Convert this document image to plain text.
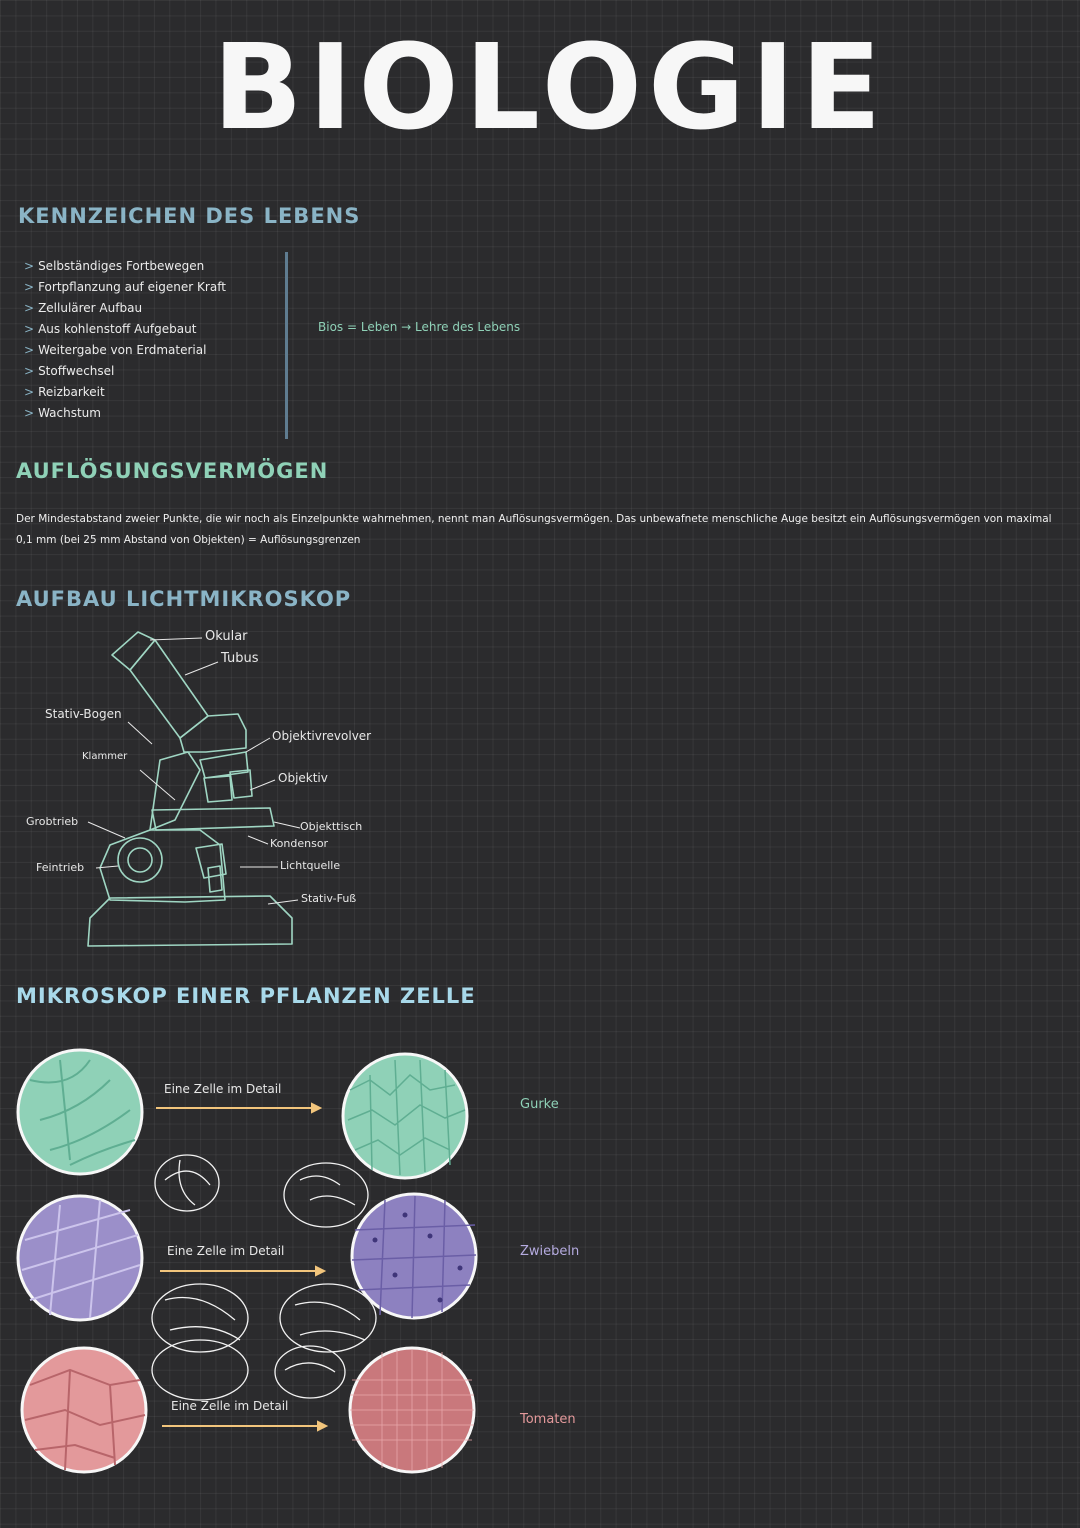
BIOLOGIE
KENNZEICHEN DES LEBENS
> Selbständiges Fortbewegen
> Fortpflanzung auf eigener Kraft
> Zellulärer Aufbau
> Aus kohlenstoff Aufgebaut
> Weitergabe von Erdmaterial
> Stoffwechsel
> Reizbarkeit
> Wachstum
Bios = Leben → Lehre des Lebens
AUFLÖSUNGSVERMÖGEN
Der Mindestabstand zweier Punkte, die wir noch als Einzelpunkte wahrnehmen, nennt man Auflösungsvermögen. Das unbewafnete menschliche Auge besitzt ein Auflösungsvermögen von maximal 0,1 mm (bei 25 mm Abstand von Objekten) = Auflösungsgrenzen
AUFBAU LICHTMIKROSKOP
Okular
Tubus
Stativ-Bogen
Objektivrevolver
Klammer
Objektiv
Grobtrieb	Objekttisch
Kondensor
Feintrieb	Lichtquelle
Stativ-Fuß
MIKROSKOP EINER PFLANZEN ZELLE
Eine Zelle im Detail
Eine Zelle im Detail
Eine Zelle im Detail
Gurke
Zwiebeln
Tomaten
